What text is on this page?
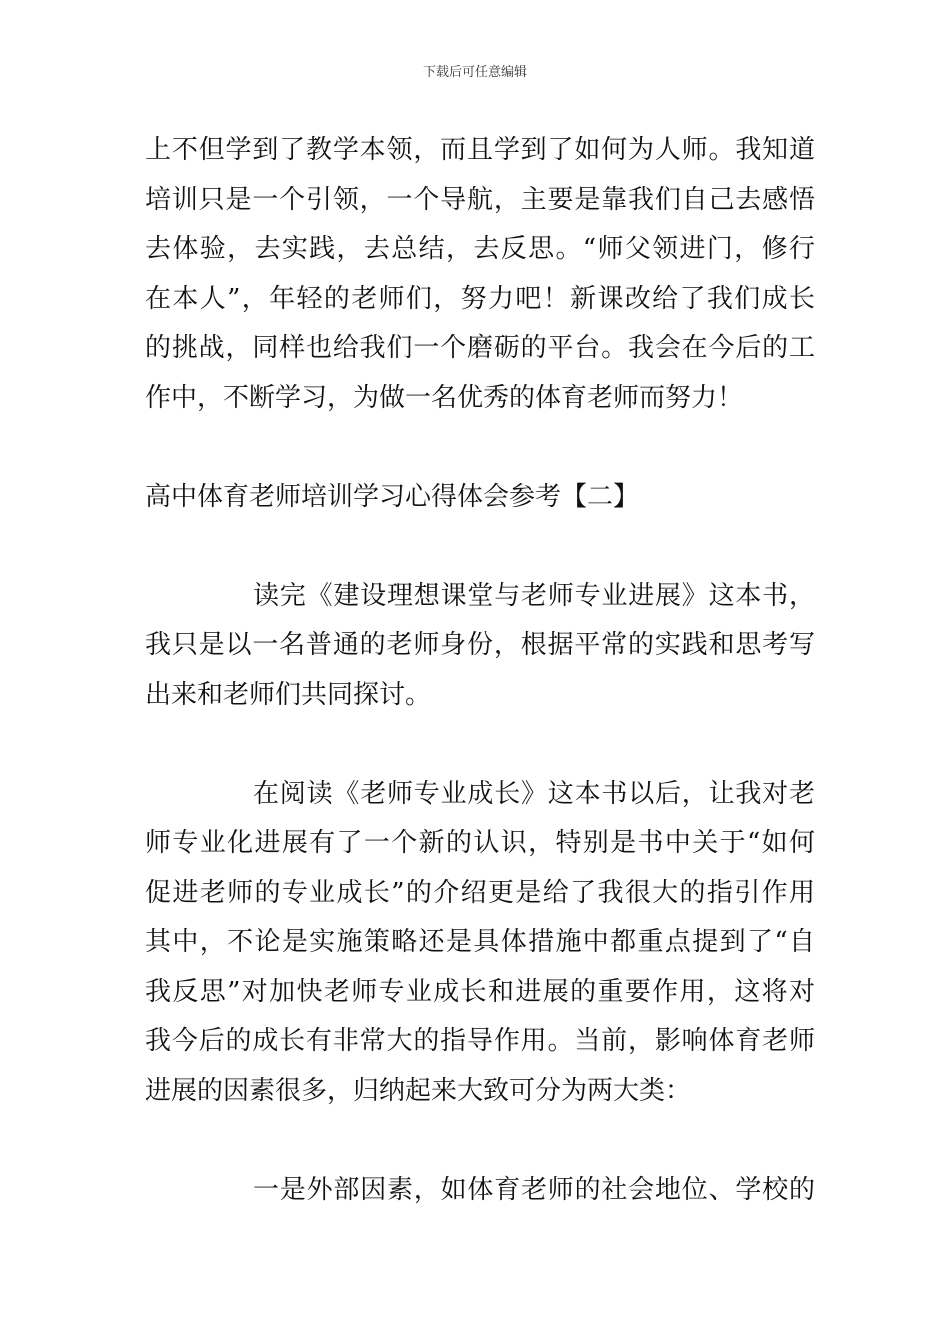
下载后可任意编辑
上不但学到了教学本领，而且学到了如何为人师。我知道
培训只是一个引领，一个导航，主要是靠我们自己去感悟
去体验，去实践，去总结，去反思。“师父领进门，修行
在本人”，年轻的老师们，努力吧！新课改给了我们成长
的挑战，同样也给我们一个磨砺的平台。我会在今后的工
作中，不断学习，为做一名优秀的体育老师而努力！
高中体育老师培训学习心得体会参考【二】
读完《建设理想课堂与老师专业进展》这本书，
我只是以一名普通的老师身份，根据平常的实践和思考写
出来和老师们共同探讨。
在阅读《老师专业成长》这本书以后，让我对老
师专业化进展有了一个新的认识，特别是书中关于“如何
促进老师的专业成长”的介绍更是给了我很大的指引作用
其中，不论是实施策略还是具体措施中都重点提到了“自
我反思”对加快老师专业成长和进展的重要作用，这将对
我今后的成长有非常大的指导作用。当前，影响体育老师
进展的因素很多，归纳起来大致可分为两大类：
一是外部因素，如体育老师的社会地位、学校的
